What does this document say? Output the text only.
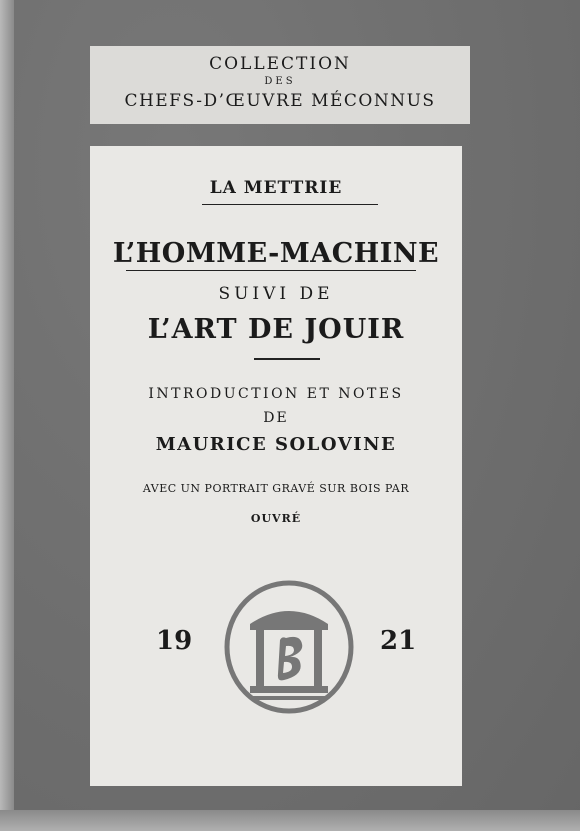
COLLECTION
DES
CHEFS-D’ŒUVRE MÉCONNUS
LA METTRIE
L’HOMME-MACHINE
SUIVI DE
L’ART DE JOUIR
INTRODUCTION ET NOTES
DE
MAURICE SOLOVINE
AVEC UN PORTRAIT GRAVÉ SUR BOIS PAR
OUVRÉ
19	21
